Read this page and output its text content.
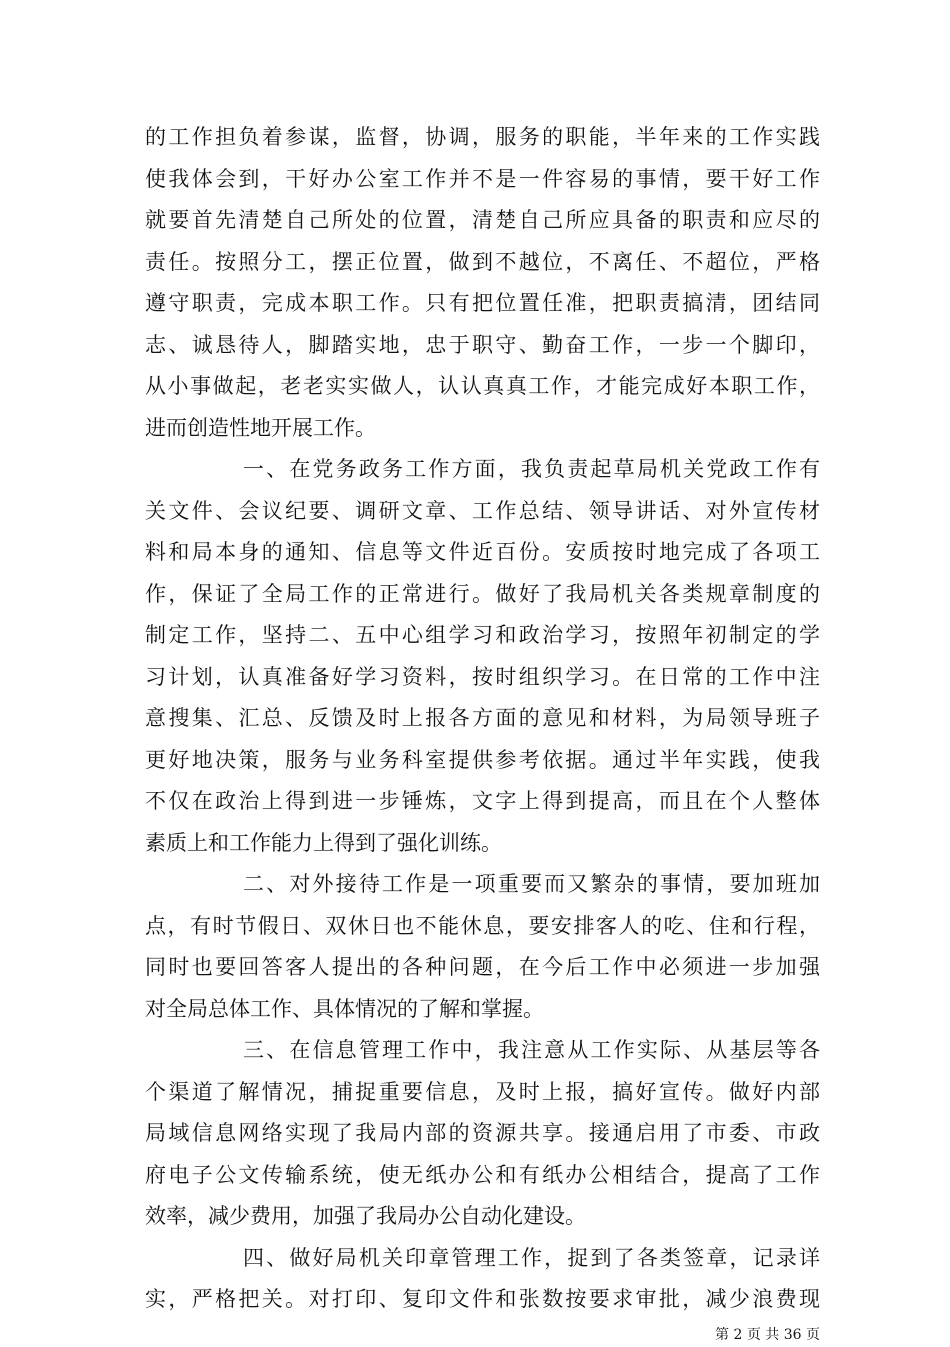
的工作担负着参谋，监督，协调，服务的职能，半年来的工作实践
使我体会到，干好办公室工作并不是一件容易的事情，要干好工作
就要首先清楚自己所处的位置，清楚自己所应具备的职责和应尽的
责任。按照分工，摆正位置，做到不越位，不离任、不超位，严格
遵守职责，完成本职工作。只有把位置任准，把职责搞清，团结同
志、诚恳待人，脚踏实地，忠于职守、勤奋工作，一步一个脚印，
从小事做起，老老实实做人，认认真真工作，才能完成好本职工作，
进而创造性地开展工作。
一、在党务政务工作方面，我负责起草局机关党政工作有
关文件、会议纪要、调研文章、工作总结、领导讲话、对外宣传材
料和局本身的通知、信息等文件近百份。安质按时地完成了各项工
作，保证了全局工作的正常进行。做好了我局机关各类规章制度的
制定工作，坚持二、五中心组学习和政治学习，按照年初制定的学
习计划，认真准备好学习资料，按时组织学习。在日常的工作中注
意搜集、汇总、反馈及时上报各方面的意见和材料，为局领导班子
更好地决策，服务与业务科室提供参考依据。通过半年实践，使我
不仅在政治上得到进一步锤炼，文字上得到提高，而且在个人整体
素质上和工作能力上得到了强化训练。
二、对外接待工作是一项重要而又繁杂的事情，要加班加
点，有时节假日、双休日也不能休息，要安排客人的吃、住和行程，
同时也要回答客人提出的各种问题，在今后工作中必须进一步加强
对全局总体工作、具体情况的了解和掌握。
三、在信息管理工作中，我注意从工作实际、从基层等各
个渠道了解情况，捕捉重要信息，及时上报，搞好宣传。做好内部
局域信息网络实现了我局内部的资源共享。接通启用了市委、市政
府电子公文传输系统，使无纸办公和有纸办公相结合，提高了工作
效率，减少费用，加强了我局办公自动化建设。
四、做好局机关印章管理工作，捉到了各类签章，记录详
实，严格把关。对打印、复印文件和张数按要求审批，减少浪费现
第 2 页 共 36 页
